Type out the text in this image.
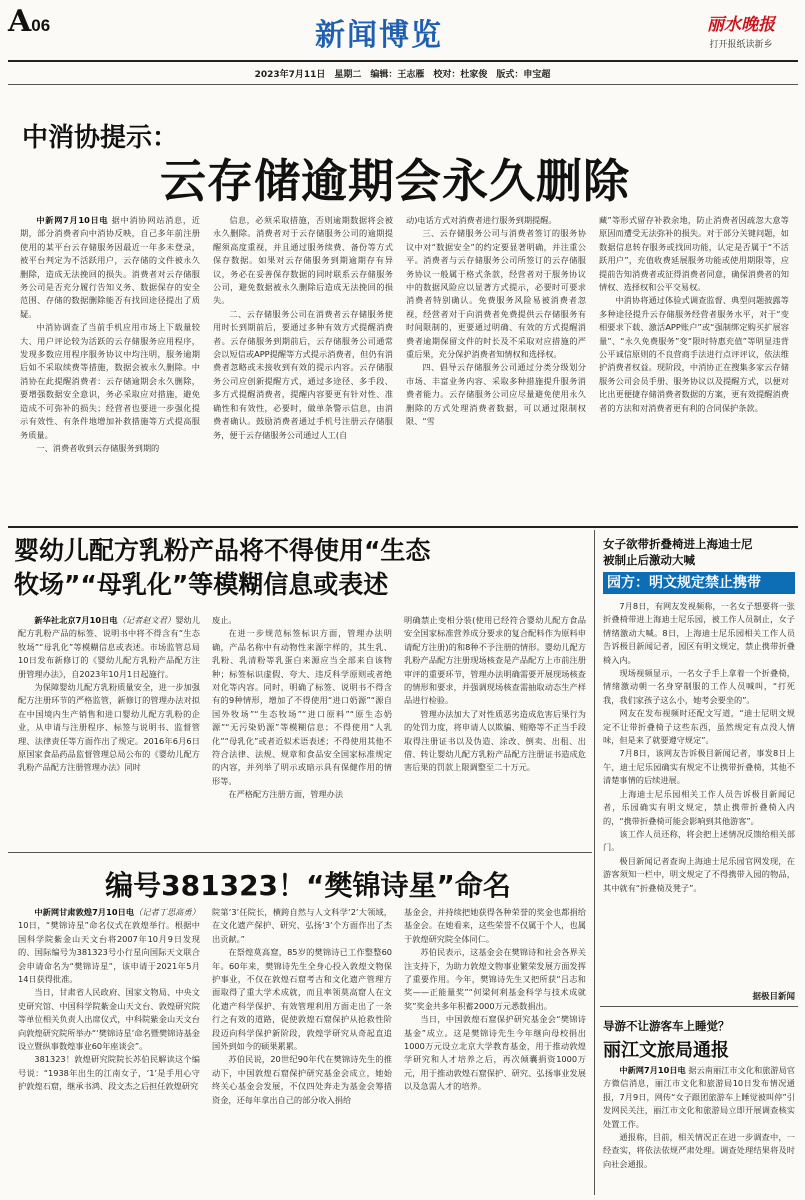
A06	新闻博览	丽水晚报
打开报纸读新乡
2023年7月11日　星期二　编辑：王志雁　校对：杜家俊　版式：申宝超
中消协提示：
云存储逾期会永久删除

中新网7月10日电 据中消协网站消息，近期，部分消费者向中消协反映，自己多年前注册使用的某平台云存储服务因最近一年多未登录，被平台判定为不活跃用户，云存储的文件被永久删除，造成无法挽回的损失。消费者对云存储服务公司是否充分履行告知义务、数据保存的安全范围、存储的数据删除能否有找回途径提出了质疑。

中消协调查了当前手机应用市场上下载量较大、用户评论较为活跃的云存储服务应用程序，发现多数应用程序服务协议中均注明，服务逾期后如不采取续费等措施，数据会被永久删除。中消协在此提醒消费者：云存储逾期会永久删除，要增强数据安全意识，务必采取应对措施，避免造成不可弥补的损失；经营者也要进一步强化提示有效性、有条件地增加补救措施等方式提高服务质量。

一、消费者收到云存储服务到期的

信息，必须采取措施，否则逾期数据将会被永久删除。消费者对于云存储服务公司的逾期提醒须高度重视，并且通过服务续费、备份等方式保存数据。如果对云存储服务到期逾期存有异议，务必在妥善保存数据的同时联系云存储服务公司，避免数据被永久删除后造成无法挽回的损失。

二、云存储服务公司在消费者云存储服务使用时长到期前后，要通过多种有效方式提醒消费者。云存储服务到期前后，云存储服务公司通常会以短信或APP提醒等方式提示消费者，但仍有消费者忽略或未接收到有效的提示内容。云存储服务公司应创新提醒方式，通过多途径、多手段、多方式提醒消费者，提醒内容要更有针对性、准确性和有效性，必要时，做单条警示信息，由消费者确认。鼓励消费者通过手机号注册云存储服务，便于云存储服务公司通过人工(自

动)电话方式对消费者进行服务到期提醒。

三、云存储服务公司与消费者签订的服务协议中对“数据安全”的约定要显著明确，并注重公平。消费者与云存储服务公司所签订的云存储服务协议一般属于格式条款，经营者对于服务协议中的数据风险应以显著方式提示，必要时可要求消费者特别确认。免费服务风险易被消费者忽视，经营者对于向消费者免费提供云存储服务有时间限制的，更要通过明确、有效的方式提醒消费者逾期保留文件的时长及不采取对应措施的严重后果，充分保护消费者知情权和选择权。

四、倡导云存储服务公司通过分类分级划分市场、丰富业务内容、采取多种措施提升服务消费者能力。云存储服务公司应尽量避免使用永久删除的方式处理消费者数据，可以通过限制权限、“雪

藏”等形式留存补救余地，防止消费者因疏忽大意等原因而遭受无法弥补的损失。对于部分关键问题，如数据信息转存服务或找回功能，认定是否属于“不活跃用户”，充值收费延展服务功能或使用期限等，应提前告知消费者或征得消费者同意，确保消费者的知情权、选择权和公平交易权。

中消协将通过体验式调查监督、典型问题披露等多种途径提升云存储服务经营者服务水平，对于“变相要求下载、激活APP账户”或“强制绑定购买扩展容量”、“永久免费服务”变“限时特惠充值”等明显违背公平诚信原则的不良营商手法进行点评评议，依法维护消费者权益。现阶段，中消协正在搜集多家云存储服务公司会员手册、服务协议以及提醒方式，以便对比出更便捷存储消费者数据的方案，更有效提醒消费者的方法和对消费者更有利的合同保护条款。

婴幼儿配方乳粉产品将不得使用“生态
牧场”“母乳化”等模糊信息或表述

新华社北京7月10日电（记者赵文君）婴幼儿配方乳粉产品的标签、说明书中将不得含有“生态牧场”“母乳化”等模糊信息或表述。市场监管总局10日发布新修订的《婴幼儿配方乳粉产品配方注册管理办法》，自2023年10月1日起施行。

为保障婴幼儿配方乳粉质量安全，进一步加强配方注册环节的严格监管，新修订的管理办法对拟在中国境内生产销售和进口婴幼儿配方乳粉的企业，从申请与注册程序、标签与说明书、监督管理、法律责任等方面作出了规定。2016年6月6日原国家食品药品监督管理总局公布的《婴幼儿配方乳粉产品配方注册管理办法》同时

废止。

在进一步规范标签标识方面，管理办法明确，产品名称中有动物性来源字样的，其生乳、乳粉、乳清粉等乳蛋白来源应当全部来自该物种；标签标识虚假、夸大、违反科学原则或者绝对化等内容。同时，明确了标签、说明书不得含有的9种情形，增加了不得使用“进口奶源”“源自国外牧场”“生态牧场”“进口原料”“原生态奶源”“无污染奶源”等模糊信息；不得使用“人乳化”“母乳化”或者近似术语表述；不得使用其他不符合法律、法规、规章和食品安全国家标准规定的内容，并列举了明示或暗示具有保健作用的情形等。

在严格配方注册方面，管理办法

明确禁止变相分装(使用已经符合婴幼儿配方食品安全国家标准营养成分要求的复合配料作为原料申请配方注册)的和8种不予注册的情形。婴幼儿配方乳粉产品配方注册现场核查是产品配方上市前注册审评的重要环节，管理办法明确需要开展现场核查的情形和要求，并强调现场核查需抽取动态生产样品进行检验。

管理办法加大了对性质恶劣造成危害后果行为的处罚力度，将申请人以欺骗、贿赂等不正当手段取得注册证书以及伪造、涂改、倒卖、出租、出借、转让婴幼儿配方乳粉产品配方注册证书造成危害后果的罚款上限调整至二十万元。

编号381323！“樊锦诗星”命名

中新网甘肃敦煌7月10日电（记者丁思高勇）10日，“樊锦诗星”命名仪式在敦煌举行。根据中国科学院紫金山天文台将2007年10月9日发现的、国际编号为381323号小行星向国际天文联合会申请命名为“樊锦诗星”，该申请于2021年5月14日获得批准。

当日，甘肃省人民政府、国家文物局、中央文史研究馆、中国科学院紫金山天文台、敦煌研究院等单位相关负责人出席仪式，中科院紫金山天文台向敦煌研究院所举办“‘樊锦诗星’命名暨樊锦诗基金设立暨纵事数煌事业60年座谈会”。

381323！敦煌研究院院长苏伯民解读这个编号说：“1938年出生的江南女子，‘1’是手用心守护敦煌石窟，继承书鸿、段文杰之后担任敦煌研究

院第‘3’任院长，横跨自然与人文科学‘2’大领域，在文化遗产保护、研究、弘扬‘3’个方面作出了杰出贡献。”

在祭煌莫高窟，85岁的樊锦诗已工作整整60年。60年来，樊锦诗先生全身心投入敦煌文物保护事业，不仅在敦煌石窟考古和文化遗产管理方面取得了重大学术成就，而且率领莫高窟人在文化遗产科学保护、有效管理利用方面走出了一条行之有效的道路，促使敦煌石窟保护从抢救性阶段迈向科学保护新阶段，敦煌学研究从奇起直追国外到如今的硕果累累。

苏伯民说，20世纪90年代在樊锦诗先生的推动下，中国敦煌石窟保护研究基金会成立，她始终关心基金会发展，不仅四处奔走为基金会筹措资金，还每年拿出自己的部分收入捐给

基金会，并持续把她获得各种荣誉的奖金也都捐给基金会。在她看来，这些荣誉不仅属于个人，也属于敦煌研究院全体同仁。

苏伯民表示，这基金会在樊锦诗和社会各界关注支持下，为助力敦煌文物事业繁荣发展方面发挥了重要作用。今年，樊锦诗先生又把所获“吕志和奖——正能量奖”“何梁何利基金科学与技术成就奖”奖金共多年积蓄2000万元悉数捐出。

当日，中国敦煌石窟保护研究基金会“樊锦诗基金”成立。这是樊锦诗先生今年继向母校捐出1000万元设立北京大学教育基金，用于推动敦煌学研究和人才培养之后，再次倾囊捐资1000万元，用于推动敦煌石窟保护、研究、弘扬事业发展以及急需人才的培养。

女子欲带折叠椅进上海迪士尼
被制止后激动大喊
园方：明文规定禁止携带

7月8日，有网友发视频称，一名女子想要将一张折叠椅带进上海迪士尼乐园，被工作人员制止，女子情绪激动大喊。8日，上海迪士尼乐园相关工作人员告诉极目新闻记者，园区有明文规定，禁止携带折叠椅入内。

现场视频显示，一名女子手上拿着一个折叠椅，情绪激动朝一名身穿制服的工作人员喊叫，“打死我，我们家孩子这么小，她考会要坐的”。

网友在发布视频时还配文写道，“迪士尼明文规定不让带折叠椅子这些东西，虽然规定有点没人情味，但是来了就要遵守规定”。

7月8日，该网友告诉极目新闻记者，事发8日上午，迪士尼乐园确实有规定不让携带折叠椅，其他不清楚事情的后续进展。

上海迪士尼乐园相关工作人员告诉极目新闻记者，乐园确实有明文规定，禁止携带折叠椅入内的，“携带折叠椅可能会影响到其他游客”。

该工作人员还称，将会把上述情况反馈给相关部门。

极目新闻记者查询上海迪士尼乐园官网发现，在游客须知一栏中，明文规定了不得携带入园的物品，其中就有“折叠椅及凳子”。

据极目新闻
导游不让游客车上睡觉？
丽江文旅局通报

中新网7月10日电 据云南丽江市文化和旅游局官方微信消息，丽江市文化和旅游局10日发布情况通报，7月9日，网传“女子跟团旅游车上睡觉被叫停”引发网民关注，丽江市文化和旅游局立即开展调查核实处置工作。

通报称，目前，相关情况正在进一步调查中，一经查实，将依法依规严肃处理。调查处理结果将及时向社会通报。
